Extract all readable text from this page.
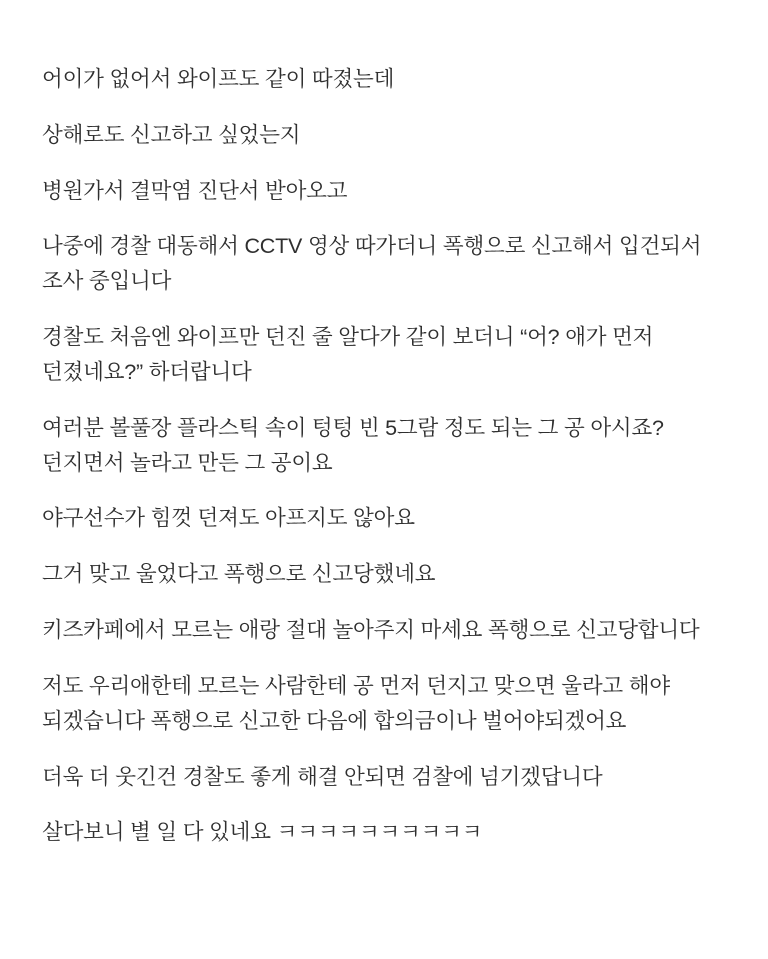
어이가 없어서 와이프도 같이 따졌는데

상해로도 신고하고 싶었는지

병원가서 결막염 진단서 받아오고

나중에 경찰 대동해서 CCTV 영상 따가더니 폭행으로 신고해서 입건되서 조사 중입니다

경찰도 처음엔 와이프만 던진 줄 알다가 같이 보더니 “어? 애가 먼저 던졌네요?” 하더랍니다

여러분 볼풀장 플라스틱 속이 텅텅 빈 5그람 정도 되는 그 공 아시죠? 던지면서 놀라고 만든 그 공이요

야구선수가 힘껏 던져도 아프지도 않아요

그거 맞고 울었다고 폭행으로 신고당했네요

키즈카페에서 모르는 애랑 절대 놀아주지 마세요 폭행으로 신고당합니다

저도 우리애한테 모르는 사람한테 공 먼저 던지고 맞으면 울라고 해야 되겠습니다 폭행으로 신고한 다음에 합의금이나 벌어야되겠어요

더욱 더 웃긴건 경찰도 좋게 해결 안되면 검찰에 넘기겠답니다

살다보니 별 일 다 있네요 ㅋㅋㅋㅋㅋㅋㅋㅋㅋㅋ
